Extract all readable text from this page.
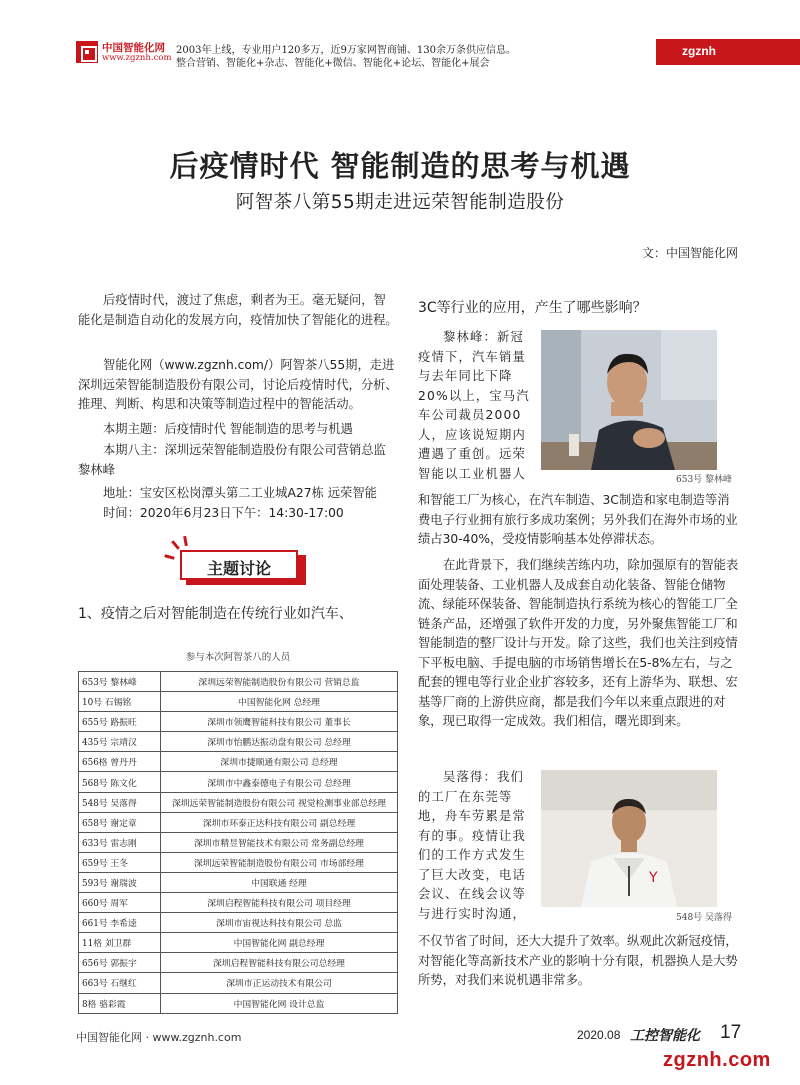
中国智能化网
www.zgznh.com
2003年上线，专业用户120多万，近9万家网智商铺、130余万条供应信息。
整合营销、智能化+杂志、智能化+微信、智能化+论坛、智能化+展会
zgznh
后疫情时代 智能制造的思考与机遇
阿智茶八第55期走进远荣智能制造股份
文：中国智能化网
后疫情时代，渡过了焦虑，剩者为王。毫无疑问，智能化是制造自动化的发展方向，疫情加快了智能化的进程。
智能化网（www.zgznh.com/）阿智茶八55期，走进深圳远荣智能制造股份有限公司，讨论后疫情时代，分析、推理、判断、构思和决策等制造过程中的智能活动。
本期主题：后疫情时代 智能制造的思考与机遇
本期八主：深圳远荣智能制造股份有限公司营销总监 黎林峰
地址：宝安区松岗潭头第二工业城A27栋 远荣智能
时间：2020年6月23日下午：14:30-17:00
主题讨论
1、疫情之后对智能制造在传统行业如汽车、
3C等行业的应用，产生了哪些影响？
参与本次阿智茶八的人员
653号 黎林峰	深圳远荣智能制造股份有限公司 营销总监
10号 石锡铭	中国智能化网 总经理
655号 路振旺	深圳市领鹰智能科技有限公司 董事长
435号 宗靖汉	深圳市怡鹏达振动盘有限公司 总经理
656格 曾丹丹	深圳市捷顺通有限公司 总经理
568号 陈文化	深圳市中鑫泰德电子有限公司 总经理
548号 吴落得	深圳远荣智能制造股份有限公司 视觉检测事业部总经理
658号 谢定章	深圳市环泰正达科技有限公司 副总经理
633号 雷志刚	深圳市精昱智能技术有限公司 常务副总经理
659号 王冬	深圳远荣智能制造股份有限公司 市场部经理
593号 谢瑞波	中国联通 经理
660号 周军	深圳启程智能科技有限公司 项目经理
661号 李希逵	深圳市宙视达科技有限公司 总监
11格 刘卫群	中国智能化网 副总经理
656号 郭振宇	深圳启程智能科技有限公司总经理
663号 石继红	深圳市正运动技术有限公司
8格 骆彩霞	中国智能化网 设计总监
黎林峰：新冠疫情下，汽车销量与去年同比下降20%以上，宝马汽车公司裁员2000人，应该说短期内遭遇了重创。远荣智能以工业机器人	653号 黎林峰
和智能工厂为核心，在汽车制造、3C制造和家电制造等消费电子行业拥有旅行多成功案例；另外我们在海外市场的业绩占30-40%，受疫情影响基本处停滞状态。
在此背景下，我们继续苦练内功，除加强原有的智能表面处理装备、工业机器人及成套自动化装备、智能仓储物流、绿能环保装备、智能制造执行系统为核心的智能工厂全链条产品，还增强了软件开发的力度，另外聚焦智能工厂和智能制造的整厂设计与开发。除了这些，我们也关注到疫情下平板电脑、手提电脑的市场销售增长在5-8%左右，与之配套的锂电等行业企业扩容较多，还有上游华为、联想、宏基等厂商的上游供应商，都是我们今年以来重点跟进的对象，现已取得一定成效。我们相信，曙光即到来。
吴落得：我们的工厂在东莞等地，舟车劳累是常有的事。疫情让我们的工作方式发生了巨大改变，电话会议、在线会议等与进行实时沟通，
Y
548号 吴落得
不仅节省了时间，还大大提升了效率。纵观此次新冠疫情，对智能化等高新技术产业的影响十分有限，机器换人是大势所势，对我们来说机遇非常多。
中国智能化网 · www.zgznh.com	2020.08 工控智能化 17
zgznh.com
